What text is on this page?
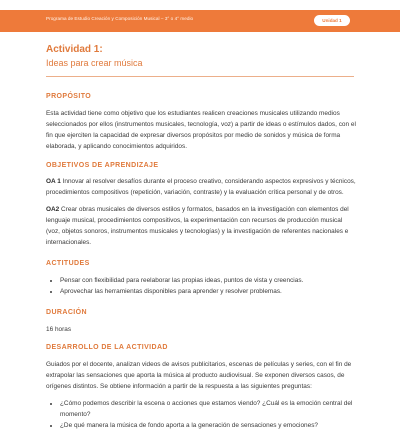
Programa de Estudio Creación y Composición Musical – 3° o 4° medio	Unidad 1
Actividad 1:
Ideas para crear música
PROPÓSITO

Esta actividad tiene como objetivo que los estudiantes realicen creaciones musicales utilizando medios seleccionados por ellos (instrumentos musicales, tecnología, voz) a partir de ideas o estímulos dados, con el fin que ejerciten la capacidad de expresar diversos propósitos por medio de sonidos y música de forma elaborada, y aplicando conocimientos adquiridos.

OBJETIVOS DE APRENDIZAJE

OA 1 Innovar al resolver desafíos durante el proceso creativo, considerando aspectos expresivos y técnicos, procedimientos compositivos (repetición, variación, contraste) y la evaluación crítica personal y de otros.

OA2 Crear obras musicales de diversos estilos y formatos, basados en la investigación con elementos del lenguaje musical, procedimientos compositivos, la experimentación con recursos de producción musical (voz, objetos sonoros, instrumentos musicales y tecnologías) y la investigación de referentes nacionales e internacionales.

ACTITUDES
• Pensar con flexibilidad para reelaborar las propias ideas, puntos de vista y creencias.
• Aprovechar las herramientas disponibles para aprender y resolver problemas.
DURACIÓN

16 horas

DESARROLLO DE LA ACTIVIDAD

Guiados por el docente, analizan videos de avisos publicitarios, escenas de películas y series, con el fin de extrapolar las sensaciones que aporta la música al producto audiovisual. Se exponen diversos casos, de orígenes distintos. Se obtiene información a partir de la respuesta a las siguientes preguntas:

• ¿Cómo podemos describir la escena o acciones que estamos viendo? ¿Cuál es la emoción central del momento?
• ¿De qué manera la música de fondo aporta a la generación de sensaciones y emociones?
